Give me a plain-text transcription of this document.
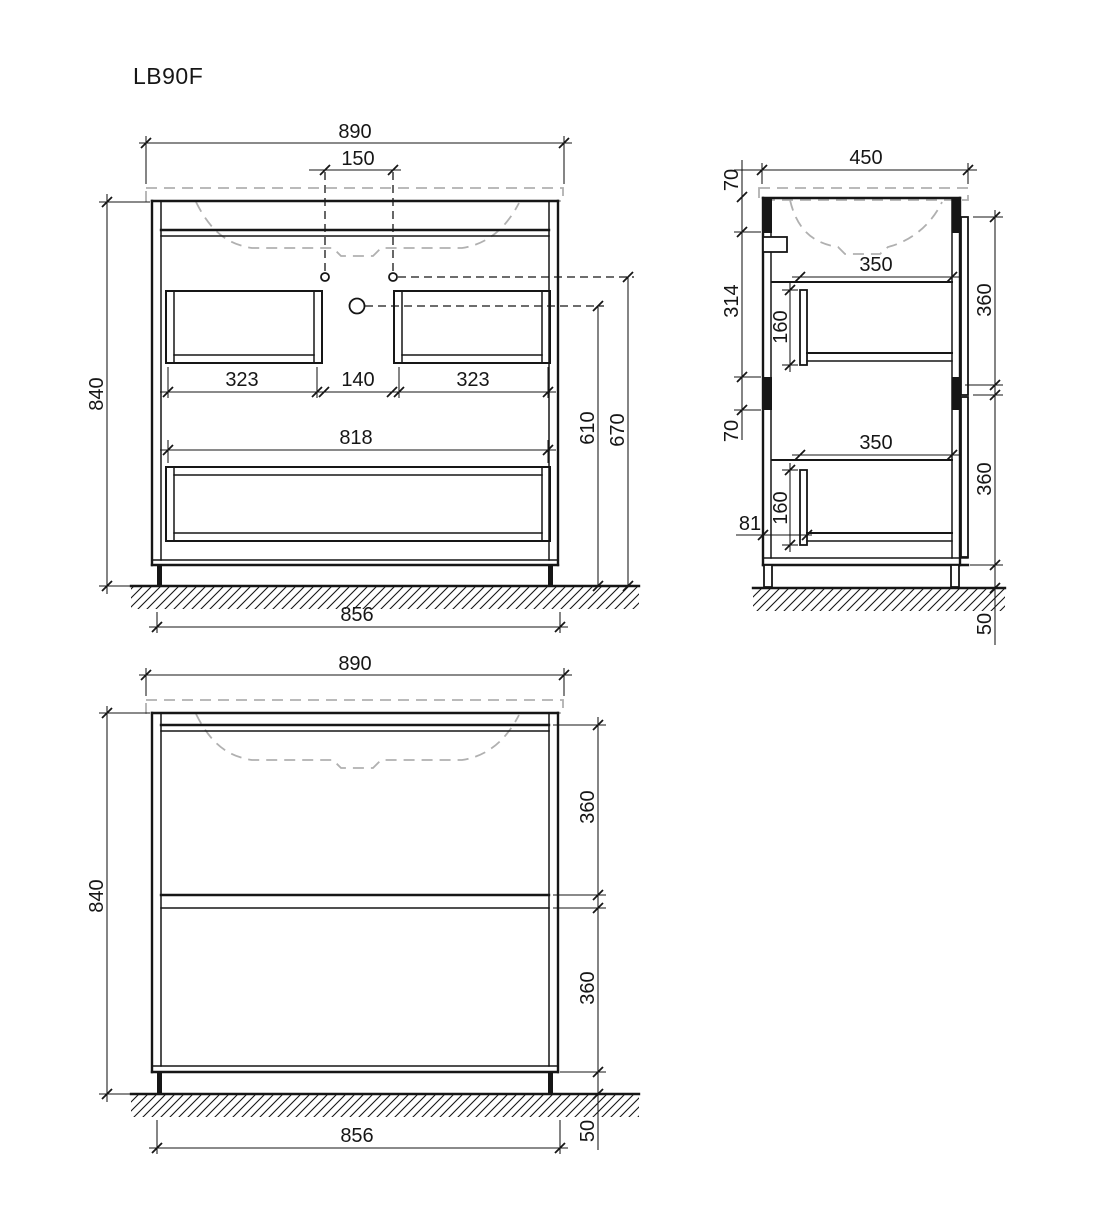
LB90F
890
150
840	323	140	323
818	610 670
856
450
70
314
70
81
160
350
160
350
360
360
50
890
840
360
360
50
856
